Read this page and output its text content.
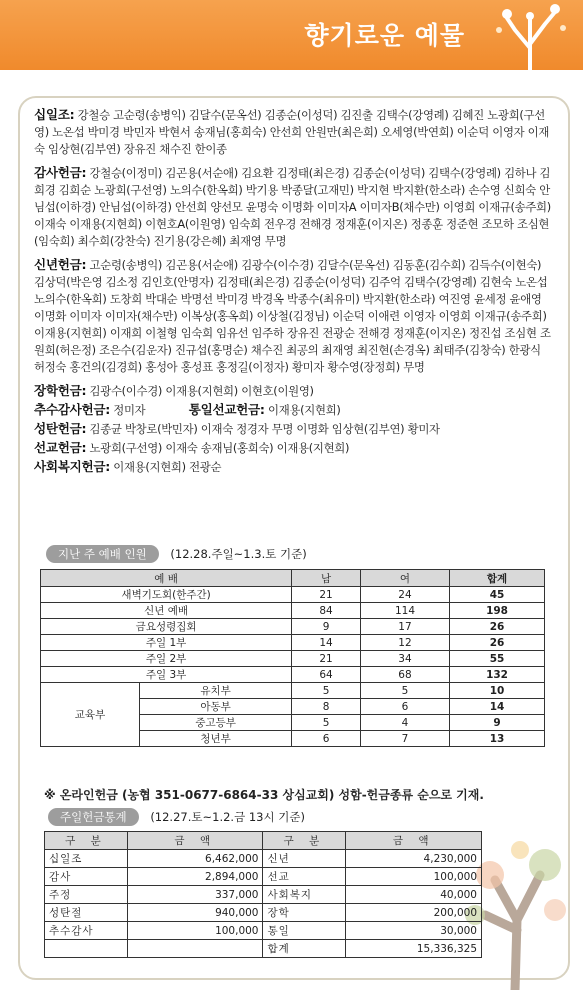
향기로운 예물
십일조: 강철승 고순령(송병익) 김달수(문옥선) 김종순(이성덕) 김진출 김택수(강영례) 김혜진 노광희(구선영) 노온섭 박미경 박민자 박현서 송재님(홍희숙) 안선희 안원만(최은희) 오세영(박연희) 이순덕 이영자 이재숙 임상현(김부연) 장유진 채수진 한이종
감사헌금: 강철승(이정미) 김곤용(서순애) 김요환 김정태(최은경) 김종순(이성덕) 김택수(강영례) 김하나 김희경 김희순 노광희(구선영) 노의수(한옥희) 박기용 박종달(고재민) 박지현 박지환(한소라) 손수영 신희숙 안님섭(이하경) 안님섭(이하경) 안선희 양선모 윤명숙 이명화 이미자A 이미자B(채수만) 이영희 이재규(송주희) 이재숙 이재용(지현희) 이현호A(이원영) 임숙희 전우경 전해경 정재훈(이지온) 정종훈 정준현 조모하 조심현(임숙희) 최수희(강찬숙) 진기용(강은혜) 최재영 무명
신년헌금: 고순령(송병익) 김곤용(서순애) 김광수(이수경) 김달수(문옥선) 김동훈(김수희) 김득수(이현숙) 김상덕(박은영 김소정 김인호(안명자) 김정태(최은경) 김종순(이성덕) 김주억 김택수(강영례) 김현숙 노온섭 노의수(한옥희) 도창희 박대순 박명선 박미경 박경옥 박종수(최유미) 박지환(한소라) 여진영 윤세정 윤애영 이명화 이미자 이미자(채수만) 이복상(홍옥희) 이상철(김정님) 이순덕 이애련 이영자 이영희 이재규(송주희) 이재용(지현희) 이재희 이철형 임숙희 임유선 임주하 장유진 전광순 전해경 정재훈(이지온) 정진섭 조심현 조원희(허은정) 조은수(김운자) 진규섭(홍명순) 채수진 최공의 최재영 최진현(손경옥) 최태주(김창숙) 한광식 허정숙 홍건의(김경희) 홍성아 홍성표 홍정길(이정자) 황미자 황수영(장정희) 무명
장학헌금: 김광수(이수경) 이재용(지현희) 이현호(이원영)
추수감사헌금: 정미자	통일선교헌금: 이재용(지현희)
성탄헌금: 김종균 박창로(박민자) 이재숙 정경자 무명 이명화 임상현(김부연) 황미자
선교헌금: 노광희(구선영) 이재숙 송재님(홍희숙) 이재용(지현희)
사회복지헌금: 이재용(지현희) 전광순
지난 주 예배 인원 (12.28.주일~1.3.토 기준)
예 배		남	여	합계
새벽기도회(한주간)		21	24	45
신년 예배		84	114	198
금요성령집회		9	17	26
주일 1부		14	12	26
주일 2부		21	34	55
주일 3부		64	68	132
교육부	유치부	5	5	10
	아동부	8	6	14
	중고등부	5	4	9
	청년부	6	7	13
※ 온라인헌금 (농협 351-0677-6864-33 상심교회) 성함-헌금종류 순으로 기재.
주일헌금통계 (12.27.토~1.2.금 13시 기준)
구 분	금 액	구 분	금 액
십일조	6,462,000	신년	4,230,000
감사	2,894,000	선교	100,000
주정	337,000	사회복지	40,000
성탄절	940,000	장학	200,000
추수감사	100,000	통일	30,000
		합계	15,336,325
